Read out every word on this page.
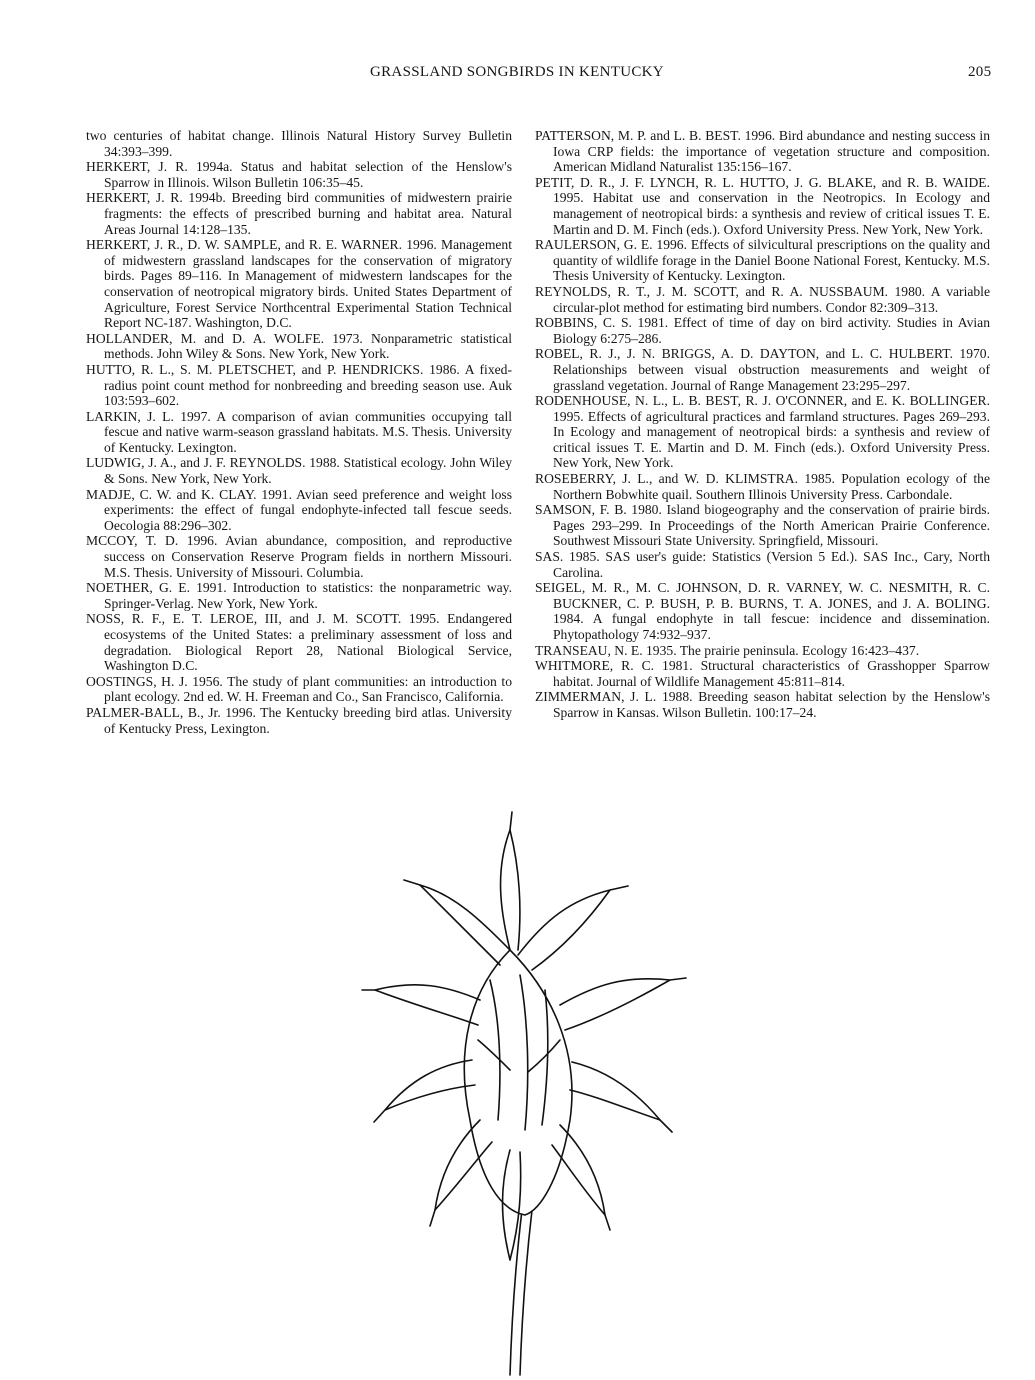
GRASSLAND SONGBIRDS IN KENTUCKY	205

two centuries of habitat change. Illinois Natural History Survey Bulletin 34:393–399.

HERKERT, J. R. 1994a. Status and habitat selection of the Henslow's Sparrow in Illinois. Wilson Bulletin 106:35–45.

HERKERT, J. R. 1994b. Breeding bird communities of midwestern prairie fragments: the effects of prescribed burning and habitat area. Natural Areas Journal 14:128–135.

HERKERT, J. R., D. W. SAMPLE, and R. E. WARNER. 1996. Management of midwestern grassland landscapes for the conservation of migratory birds. Pages 89–116. In Management of midwestern landscapes for the conservation of neotropical migratory birds. United States Department of Agriculture, Forest Service Northcentral Experimental Station Technical Report NC-187. Washington, D.C.

HOLLANDER, M. and D. A. WOLFE. 1973. Nonparametric statistical methods. John Wiley & Sons. New York, New York.

HUTTO, R. L., S. M. PLETSCHET, and P. HENDRICKS. 1986. A fixed-radius point count method for nonbreeding and breeding season use. Auk 103:593–602.

LARKIN, J. L. 1997. A comparison of avian communities occupying tall fescue and native warm-season grassland habitats. M.S. Thesis. University of Kentucky. Lexington.

LUDWIG, J. A., and J. F. REYNOLDS. 1988. Statistical ecology. John Wiley & Sons. New York, New York.

MADJE, C. W. and K. CLAY. 1991. Avian seed preference and weight loss experiments: the effect of fungal endophyte-infected tall fescue seeds. Oecologia 88:296–302.

MCCOY, T. D. 1996. Avian abundance, composition, and reproductive success on Conservation Reserve Program fields in northern Missouri. M.S. Thesis. University of Missouri. Columbia.

NOETHER, G. E. 1991. Introduction to statistics: the nonparametric way. Springer-Verlag. New York, New York.

NOSS, R. F., E. T. LEROE, III, and J. M. SCOTT. 1995. Endangered ecosystems of the United States: a preliminary assessment of loss and degradation. Biological Report 28, National Biological Service, Washington D.C.

OOSTINGS, H. J. 1956. The study of plant communities: an introduction to plant ecology. 2nd ed. W. H. Freeman and Co., San Francisco, California.

PALMER-BALL, B., Jr. 1996. The Kentucky breeding bird atlas. University of Kentucky Press, Lexington.

PATTERSON, M. P. and L. B. BEST. 1996. Bird abundance and nesting success in Iowa CRP fields: the importance of vegetation structure and composition. American Midland Naturalist 135:156–167.

PETIT, D. R., J. F. LYNCH, R. L. HUTTO, J. G. BLAKE, and R. B. WAIDE. 1995. Habitat use and conservation in the Neotropics. In Ecology and management of neotropical birds: a synthesis and review of critical issues T. E. Martin and D. M. Finch (eds.). Oxford University Press. New York, New York.

RAULERSON, G. E. 1996. Effects of silvicultural prescriptions on the quality and quantity of wildlife forage in the Daniel Boone National Forest, Kentucky. M.S. Thesis University of Kentucky. Lexington.

REYNOLDS, R. T., J. M. SCOTT, and R. A. NUSSBAUM. 1980. A variable circular-plot method for estimating bird numbers. Condor 82:309–313.

ROBBINS, C. S. 1981. Effect of time of day on bird activity. Studies in Avian Biology 6:275–286.

ROBEL, R. J., J. N. BRIGGS, A. D. DAYTON, and L. C. HULBERT. 1970. Relationships between visual obstruction measurements and weight of grassland vegetation. Journal of Range Management 23:295–297.

RODENHOUSE, N. L., L. B. BEST, R. J. O'CONNER, and E. K. BOLLINGER. 1995. Effects of agricultural practices and farmland structures. Pages 269–293. In Ecology and management of neotropical birds: a synthesis and review of critical issues T. E. Martin and D. M. Finch (eds.). Oxford University Press. New York, New York.

ROSEBERRY, J. L., and W. D. KLIMSTRA. 1985. Population ecology of the Northern Bobwhite quail. Southern Illinois University Press. Carbondale.

SAMSON, F. B. 1980. Island biogeography and the conservation of prairie birds. Pages 293–299. In Proceedings of the North American Prairie Conference. Southwest Missouri State University. Springfield, Missouri.

SAS. 1985. SAS user's guide: Statistics (Version 5 Ed.). SAS Inc., Cary, North Carolina.

SEIGEL, M. R., M. C. JOHNSON, D. R. VARNEY, W. C. NESMITH, R. C. BUCKNER, C. P. BUSH, P. B. BURNS, T. A. JONES, and J. A. BOLING. 1984. A fungal endophyte in tall fescue: incidence and dissemination. Phytopathology 74:932–937.

TRANSEAU, N. E. 1935. The prairie peninsula. Ecology 16:423–437.

WHITMORE, R. C. 1981. Structural characteristics of Grasshopper Sparrow habitat. Journal of Wildlife Management 45:811–814.

ZIMMERMAN, J. L. 1988. Breeding season habitat selection by the Henslow's Sparrow in Kansas. Wilson Bulletin. 100:17–24.
